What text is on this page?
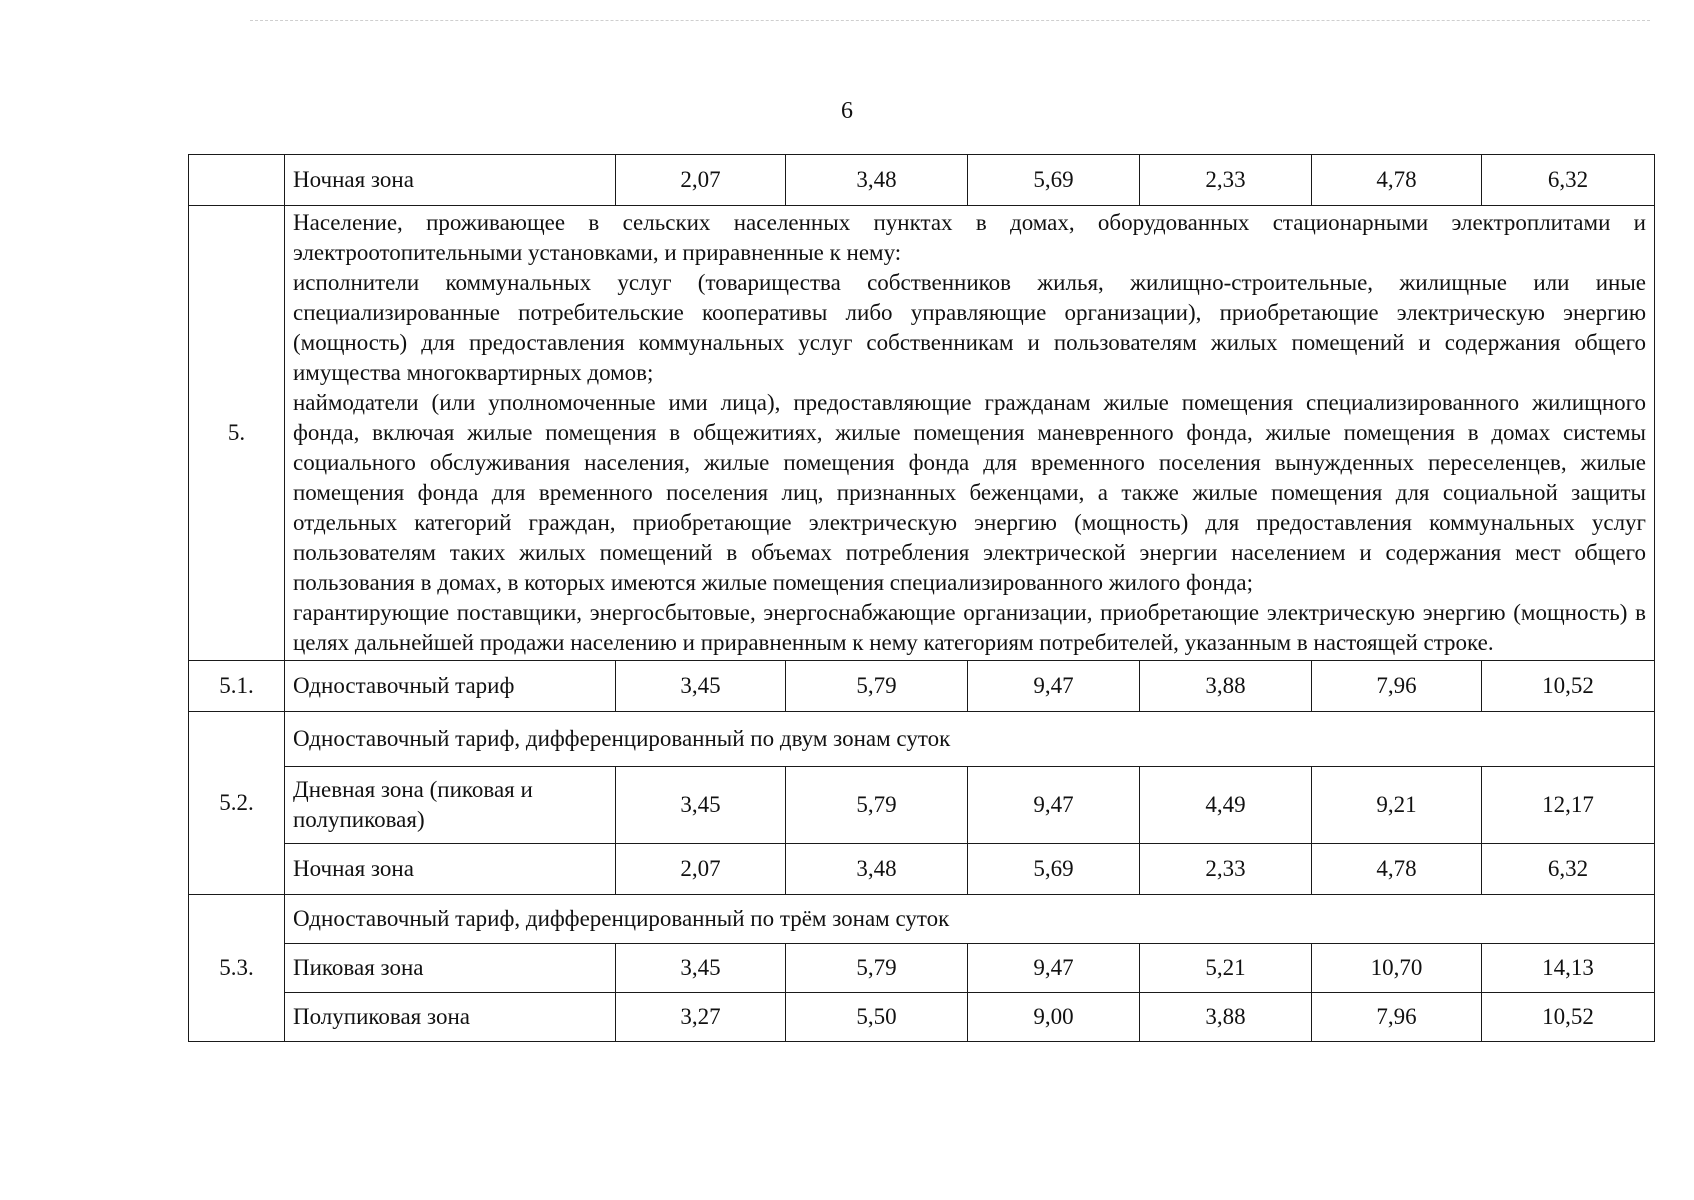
6
	Ночная зона	2,07	3,48	5,69	2,33	4,78	6,32
5.	Население, проживающее в сельских населенных пунктах в домах, оборудованных стационарными электроплитами и электроотопительными установками, и приравненные к нему:

исполнители коммунальных услуг (товарищества собственников жилья, жилищно-строительные, жилищные или иные специализированные потребительские кооперативы либо управляющие организации), приобретающие электрическую энергию (мощность) для предоставления коммунальных услуг собственникам и пользователям жилых помещений и содержания общего имущества многоквартирных домов;

наймодатели (или уполномоченные ими лица), предоставляющие гражданам жилые помещения специализированного жилищного фонда, включая жилые помещения в общежитиях, жилые помещения маневренного фонда, жилые помещения в домах системы социального обслуживания населения, жилые помещения фонда для временного поселения вынужденных переселенцев, жилые помещения фонда для временного поселения лиц, признанных беженцами, а также жилые помещения для социальной защиты отдельных категорий граждан, приобретающие электрическую энергию (мощность) для предоставления коммунальных услуг пользователям таких жилых помещений в объемах потребления электрической энергии населением и содержания мест общего пользования в домах, в которых имеются жилые помещения специализированного жилого фонда;

гарантирующие поставщики, энергосбытовые, энергоснабжающие организации, приобретающие электрическую энергию (мощность) в целях дальнейшей продажи населению и приравненным к нему категориям потребителей, указанным в настоящей строке.						

5.1.	Одноставочный тариф	3,45	5,79	9,47	3,88	7,96	10,52
5.2.	Одноставочный тариф, дифференцированный по двум зонам суток						
	Дневная зона (пиковая и полупиковая)	3,45	5,79	9,47	4,49	9,21	12,17
	Ночная зона	2,07	3,48	5,69	2,33	4,78	6,32
5.3.	Одноставочный тариф, дифференцированный по трём зонам суток						
	Пиковая зона	3,45	5,79	9,47	5,21	10,70	14,13
	Полупиковая зона	3,27	5,50	9,00	3,88	7,96	10,52
